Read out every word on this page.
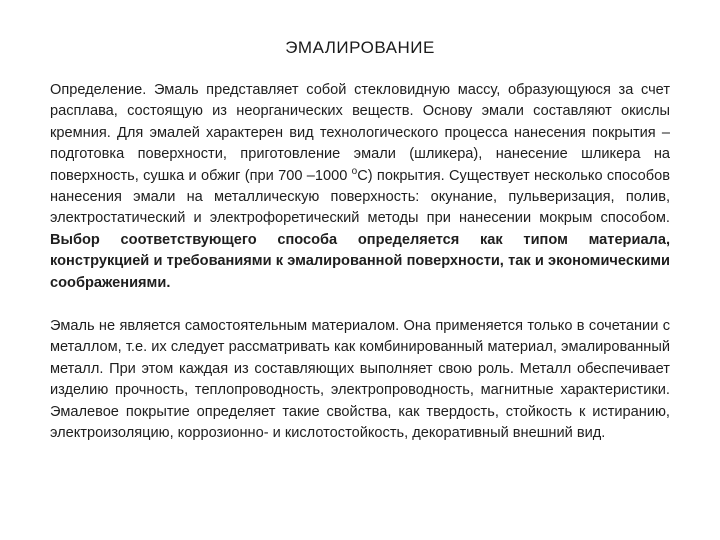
ЭМАЛИРОВАНИЕ

Определение. Эмаль представляет собой стекловидную массу, образующуюся за счет расплава, состоящую из неорганических веществ. Основу эмали составляют окислы кремния. Для эмалей характерен вид технологического процесса нанесения покрытия – подготовка поверхности, приготовление эмали (шликера), нанесение шликера на поверхность, сушка и обжиг (при 700 –1000 $^о$С) покрытия. Существует несколько способов нанесения эмали на металлическую поверхность: окунание, пульверизация, полив, электростатический и электрофоретический методы при нанесении мокрым способом. Выбор соответствующего способа определяется как типом материала, конструкцией и требованиями к эмалированной поверхности, так и экономическими соображениями.

Эмаль не является самостоятельным материалом. Она применяется только в сочетании с металлом, т.е. их следует рассматривать как комбинированный материал, эмалированный металл. При этом каждая из составляющих выполняет свою роль. Металл обеспечивает изделию прочность, теплопроводность, электропроводность, магнитные характеристики. Эмалевое покрытие определяет такие свойства, как твердость, стойкость к истиранию, электроизоляцию, коррозионно- и кислотостойкость, декоративный внешний вид.
